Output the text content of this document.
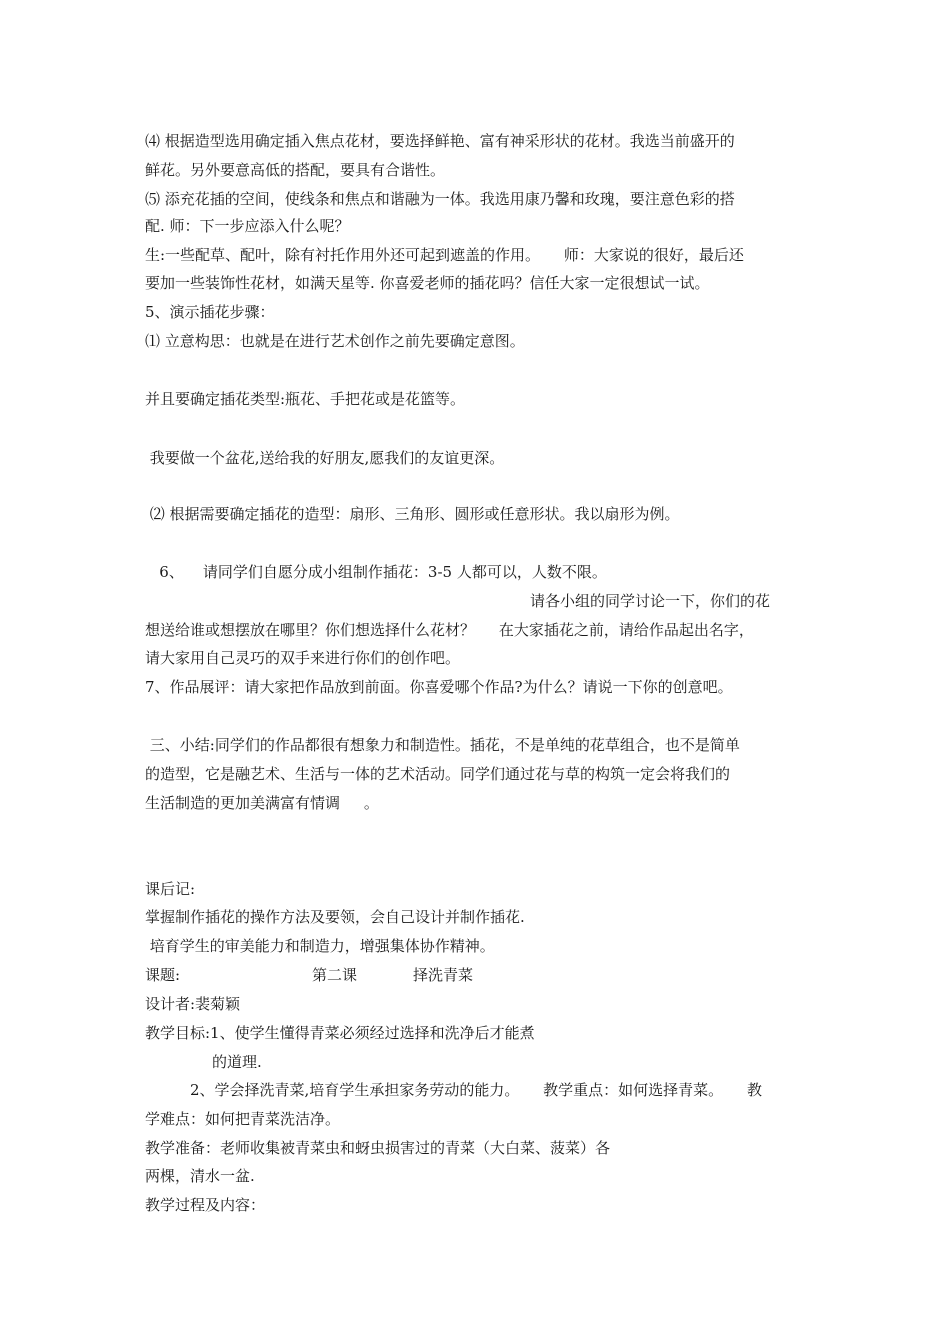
⑷ 根据造型选用确定插入焦点花材，要选择鲜艳、富有神采形状的花材。我选当前盛开的
鲜花。另外要意高低的搭配，要具有合谐性。
⑸ 添充花插的空间，使线条和焦点和谐融为一体。我选用康乃馨和玫瑰，要注意色彩的搭
配. 师：下一步应添入什么呢？
生:一些配草、配叶，除有衬托作用外还可起到遮盖的作用。     师：大家说的很好，最后还
要加一些装饰性花材，如满天星等. 你喜爱老师的插花吗？信任大家一定很想试一试。
5、演示插花步骤：
⑴ 立意构思：也就是在进行艺术创作之前先要确定意图。
并且要确定插花类型:瓶花、手把花或是花篮等。
我要做一个盆花,送给我的好朋友,愿我们的友谊更深。
⑵ 根据需要确定插花的造型：扇形、三角形、圆形或任意形状。我以扇形为例。
6、    请同学们自愿分成小组制作插花：3-5 人都可以，人数不限。
请各小组的同学讨论一下，你们的花
想送给谁或想摆放在哪里？你们想选择什么花材？     在大家插花之前，请给作品起出名字，
请大家用自己灵巧的双手来进行你们的创作吧。
7、作品展评：请大家把作品放到前面。你喜爱哪个作品?为什么？请说一下你的创意吧。
三、小结:同学们的作品都很有想象力和制造性。插花，不是单纯的花草组合，也不是简单
的造型，它是融艺术、生活与一体的艺术活动。同学们通过花与草的构筑一定会将我们的
生活制造的更加美满富有情调     。
课后记:
掌握制作插花的操作方法及要领，会自己设计并制作插花.
培育学生的审美能力和制造力，增强集体协作精神。
课题:	第二课	择洗青菜
设计者:裴菊颖
教学目标:1、使学生懂得青菜必须经过选择和洗净后才能煮
的道理.
2、学会择洗青菜,培育学生承担家务劳动的能力。     教学重点：如何选择青菜。     教
学难点：如何把青菜洗洁净。
教学准备：老师收集被青菜虫和蚜虫损害过的青菜（大白菜、菠菜）各
两棵，清水一盆.
教学过程及内容：
